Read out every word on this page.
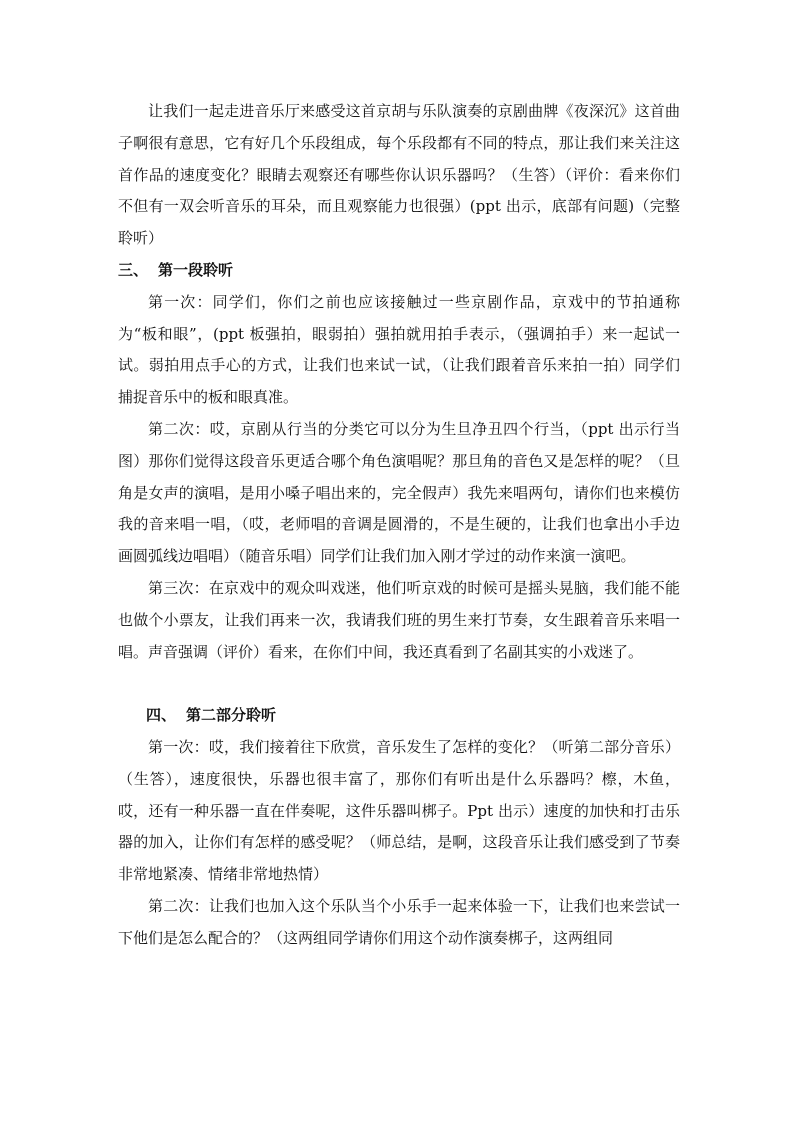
让我们一起走进音乐厅来感受这首京胡与乐队演奏的京剧曲牌《夜深沉》这首曲子啊很有意思，它有好几个乐段组成，每个乐段都有不同的特点，那让我们来关注这首作品的速度变化？眼睛去观察还有哪些你认识乐器吗？（生答）（评价：看来你们不但有一双会听音乐的耳朵，而且观察能力也很强）(ppt 出示，底部有问题)（完整聆听）

三、 第一段聆听

第一次：同学们，你们之前也应该接触过一些京剧作品，京戏中的节拍通称为“板和眼”，(ppt 板强拍，眼弱拍）强拍就用拍手表示，（强调拍手）来一起试一试。弱拍用点手心的方式，让我们也来试一试，（让我们跟着音乐来拍一拍）同学们捕捉音乐中的板和眼真准。

第二次：哎，京剧从行当的分类它可以分为生旦净丑四个行当，（ppt 出示行当图）那你们觉得这段音乐更适合哪个角色演唱呢？那旦角的音色又是怎样的呢？（旦角是女声的演唱，是用小嗓子唱出来的，完全假声）我先来唱两句，请你们也来模仿我的音来唱一唱，（哎，老师唱的音调是圆滑的，不是生硬的，让我们也拿出小手边画圆弧线边唱唱）（随音乐唱）同学们让我们加入刚才学过的动作来演一演吧。

第三次：在京戏中的观众叫戏迷，他们听京戏的时候可是摇头晃脑，我们能不能也做个小票友，让我们再来一次，我请我们班的男生来打节奏，女生跟着音乐来唱一唱。声音强调（评价）看来，在你们中间，我还真看到了名副其实的小戏迷了。

四、 第二部分聆听

第一次：哎，我们接着往下欣赏，音乐发生了怎样的变化？（听第二部分音乐）（生答），速度很快，乐器也很丰富了，那你们有听出是什么乐器吗？檫，木鱼，哎，还有一种乐器一直在伴奏呢，这件乐器叫梆子。Ppt 出示）速度的加快和打击乐器的加入，让你们有怎样的感受呢？（师总结，是啊，这段音乐让我们感受到了节奏非常地紧凑、情绪非常地热情）

第二次：让我们也加入这个乐队当个小乐手一起来体验一下，让我们也来尝试一下他们是怎么配合的？（这两组同学请你们用这个动作演奏梆子，这两组同
